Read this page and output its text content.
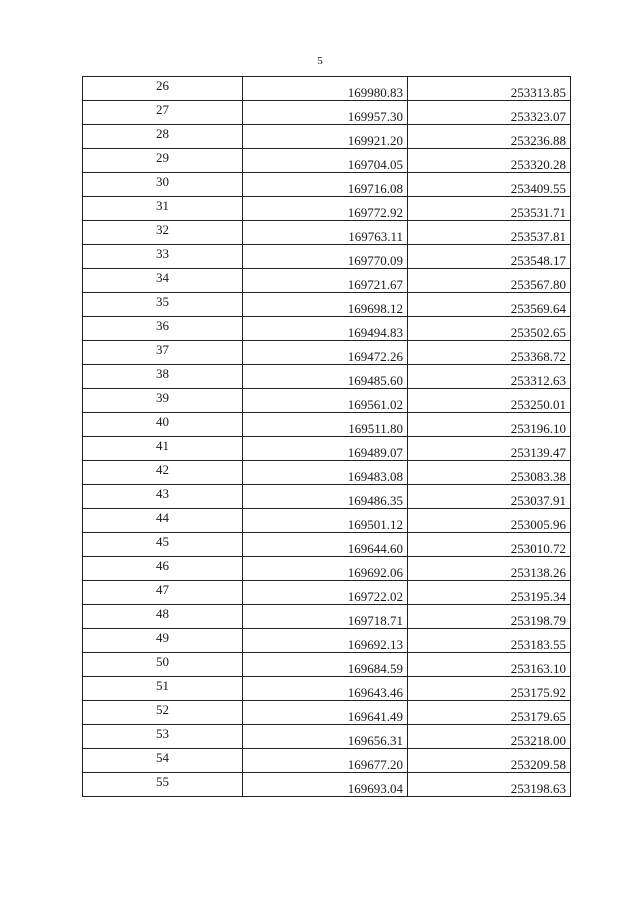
5
26	169980.83	253313.85
27	169957.30	253323.07
28	169921.20	253236.88
29	169704.05	253320.28
30	169716.08	253409.55
31	169772.92	253531.71
32	169763.11	253537.81
33	169770.09	253548.17
34	169721.67	253567.80
35	169698.12	253569.64
36	169494.83	253502.65
37	169472.26	253368.72
38	169485.60	253312.63
39	169561.02	253250.01
40	169511.80	253196.10
41	169489.07	253139.47
42	169483.08	253083.38
43	169486.35	253037.91
44	169501.12	253005.96
45	169644.60	253010.72
46	169692.06	253138.26
47	169722.02	253195.34
48	169718.71	253198.79
49	169692.13	253183.55
50	169684.59	253163.10
51	169643.46	253175.92
52	169641.49	253179.65
53	169656.31	253218.00
54	169677.20	253209.58
55	169693.04	253198.63
